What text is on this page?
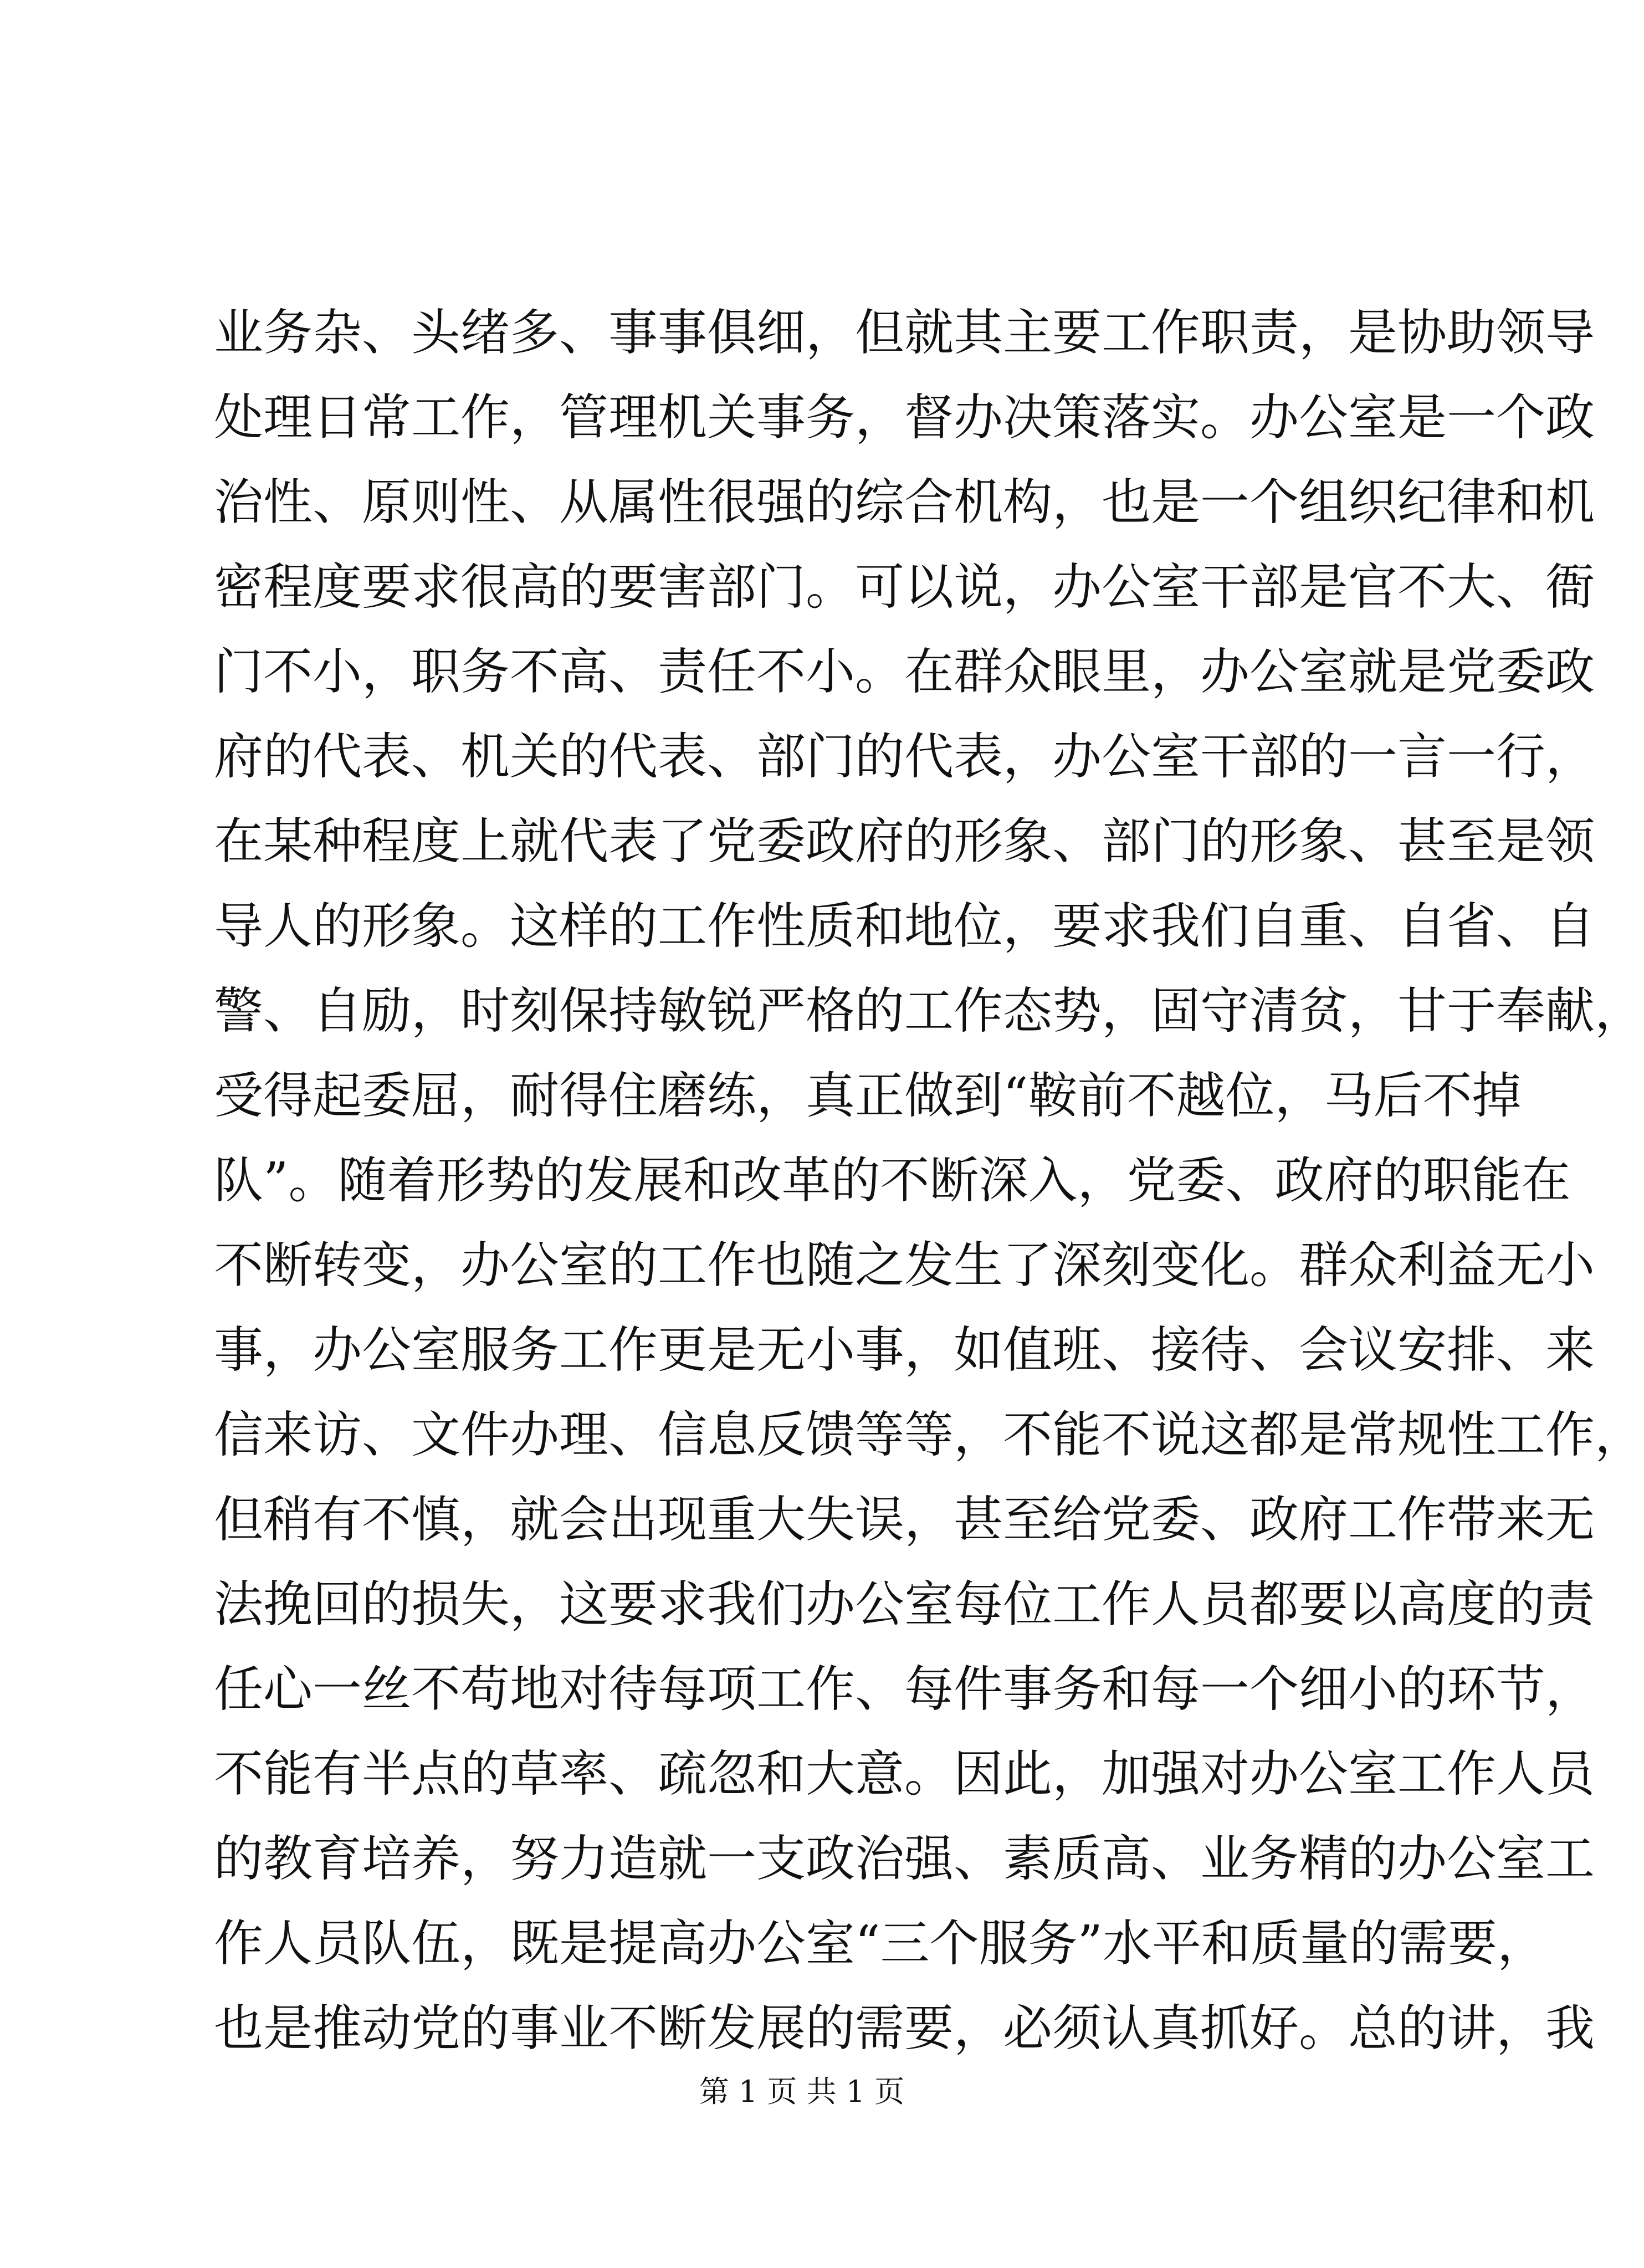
业务杂、头绪多、事事俱细，但就其主要工作职责，是协助领导
处理日常工作，管理机关事务，督办决策落实。办公室是一个政
治性、原则性、从属性很强的综合机构，也是一个组织纪律和机
密程度要求很高的要害部门。可以说，办公室干部是官不大、衙
门不小，职务不高、责任不小。在群众眼里，办公室就是党委政
府的代表、机关的代表、部门的代表，办公室干部的一言一行，
在某种程度上就代表了党委政府的形象、部门的形象、甚至是领
导人的形象。这样的工作性质和地位，要求我们自重、自省、自
警、自励，时刻保持敏锐严格的工作态势，固守清贫，甘于奉献，
受得起委屈，耐得住磨练，真正做到“鞍前不越位，马后不掉
队”。随着形势的发展和改革的不断深入，党委、政府的职能在
不断转变，办公室的工作也随之发生了深刻变化。群众利益无小
事，办公室服务工作更是无小事，如值班、接待、会议安排、来
信来访、文件办理、信息反馈等等，不能不说这都是常规性工作，
但稍有不慎，就会出现重大失误，甚至给党委、政府工作带来无
法挽回的损失，这要求我们办公室每位工作人员都要以高度的责
任心一丝不苟地对待每项工作、每件事务和每一个细小的环节，
不能有半点的草率、疏忽和大意。因此，加强对办公室工作人员
的教育培养，努力造就一支政治强、素质高、业务精的办公室工
作人员队伍，既是提高办公室“三个服务”水平和质量的需要，
也是推动党的事业不断发展的需要，必须认真抓好。总的讲，我
第 1 页 共 1 页
